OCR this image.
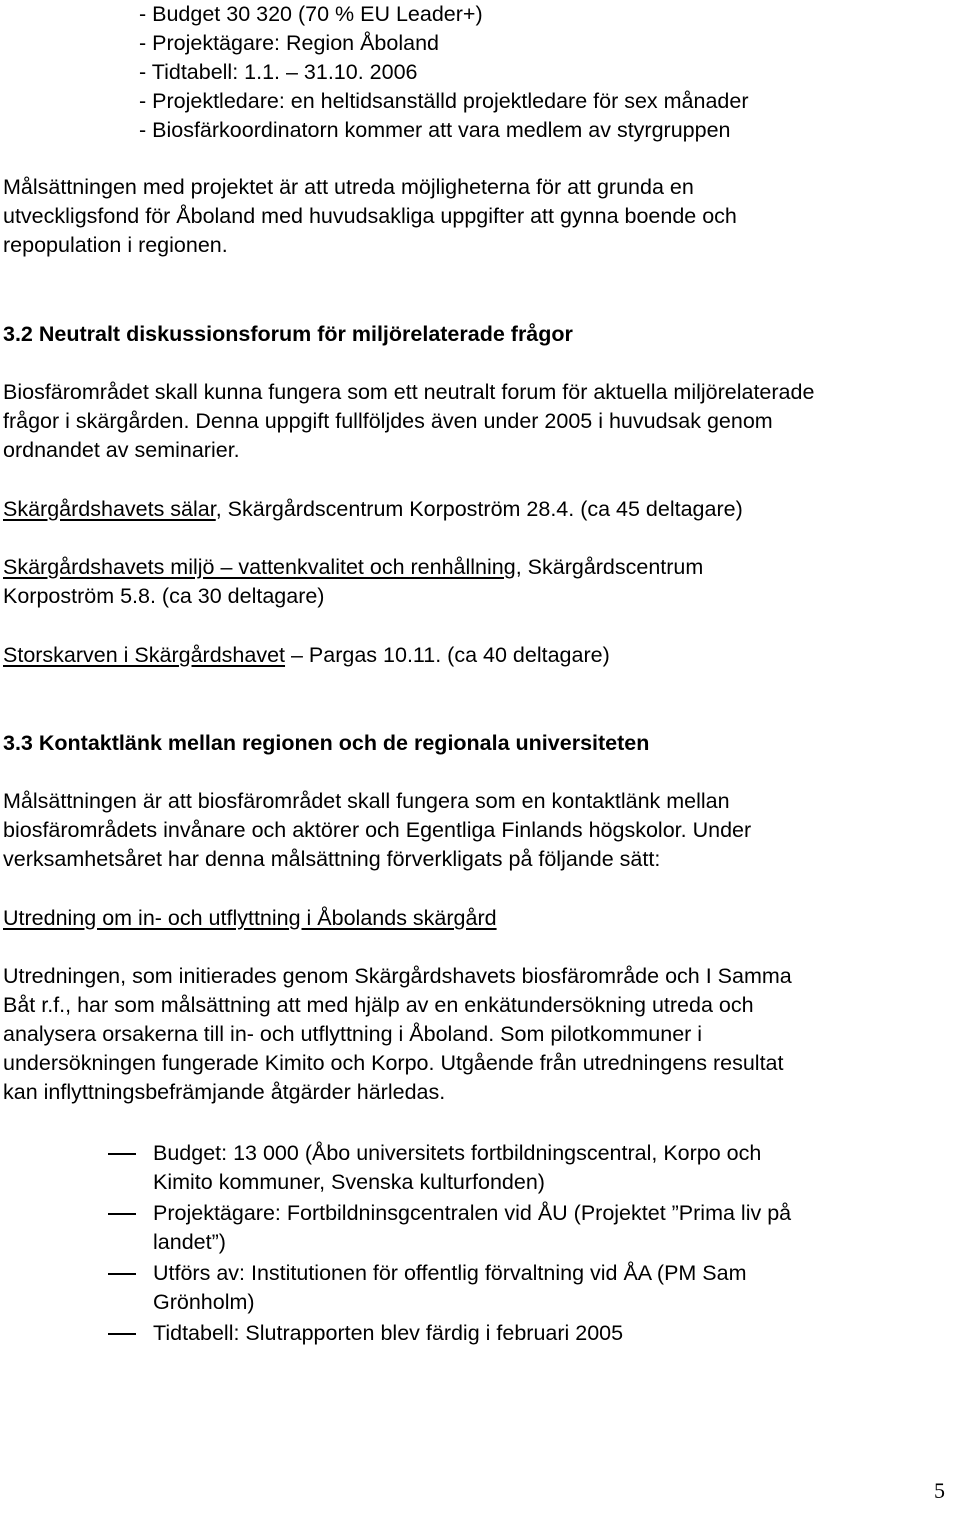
- Budget 30 320 (70 % EU Leader+)
- Projektägare: Region Åboland
- Tidtabell: 1.1. – 31.10. 2006
- Projektledare: en heltidsanställd projektledare för sex månader
- Biosfärkoordinatorn kommer att vara medlem av styrgruppen
Målsättningen med projektet är att utreda möjligheterna för att grunda en
utveckligsfond för Åboland med huvudsakliga uppgifter att gynna boende och
repopulation i regionen.
3.2 Neutralt diskussionsforum för miljörelaterade frågor
Biosfärområdet skall kunna fungera som ett neutralt forum för aktuella miljörelaterade
frågor i skärgården. Denna uppgift fullföljdes även under 2005 i huvudsak genom
ordnandet av seminarier.
Skärgårdshavets sälar, Skärgårdscentrum Korpoström 28.4. (ca 45 deltagare)
Skärgårdshavets miljö – vattenkvalitet och renhållning, Skärgårdscentrum
Korpoström 5.8. (ca 30 deltagare)
Storskarven i Skärgårdshavet – Pargas 10.11. (ca 40 deltagare)
3.3 Kontaktlänk mellan regionen och de regionala universiteten
Målsättningen är att biosfärområdet skall fungera som en kontaktlänk mellan
biosfärområdets invånare och aktörer och Egentliga Finlands högskolor. Under
verksamhetsåret har denna målsättning förverkligats på följande sätt:
Utredning om in- och utflyttning i Åbolands skärgård
Utredningen, som initierades genom Skärgårdshavets biosfärområde och I Samma
Båt r.f., har som målsättning att med hjälp av en enkätundersökning utreda och
analysera orsakerna till in- och utflyttning i Åboland. Som pilotkommuner i
undersökningen fungerade Kimito och Korpo. Utgående från utredningens resultat
kan inflyttningsbefrämjande åtgärder härledas.
Budget: 13 000 (Åbo universitets fortbildningscentral, Korpo och
Kimito kommuner, Svenska kulturfonden)
Projektägare: Fortbildninsgcentralen vid ÅU (Projektet ”Prima liv på
landet”)
Utförs av: Institutionen för offentlig förvaltning vid ÅA (PM Sam
Grönholm)
Tidtabell: Slutrapporten blev färdig i februari 2005
5
